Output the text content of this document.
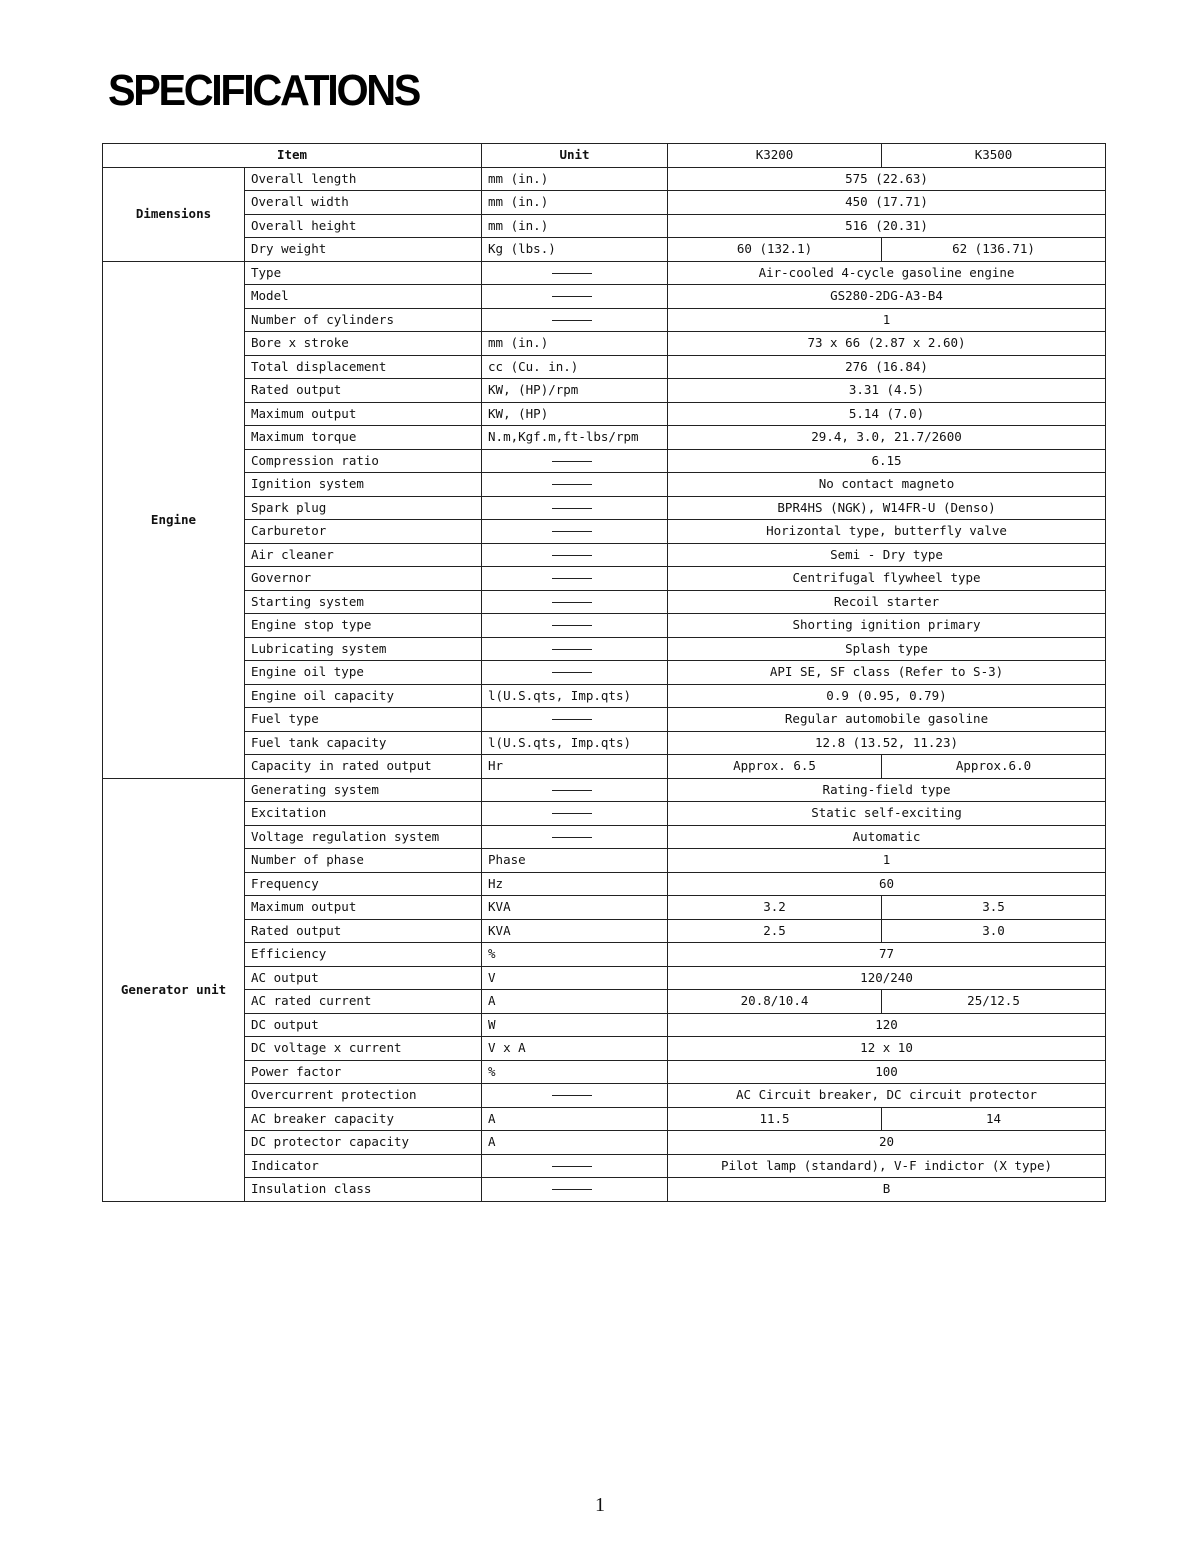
SPECIFICATIONS
Item		Unit	K3200	K3500
Dimensions	Overall length	mm (in.)	575 (22.63)	
	Overall width	mm (in.)	450 (17.71)	
	Overall height	mm (in.)	516 (20.31)	
	Dry weight	Kg (lbs.)	60 (132.1)	62 (136.71)
Engine	Type		Air-cooled 4-cycle gasoline engine	
	Model		GS280-2DG-A3-B4	
	Number of cylinders		1	
	Bore x stroke	mm (in.)	73 x 66 (2.87 x 2.60)	
	Total displacement	cc (Cu. in.)	276 (16.84)	
	Rated output	KW, (HP)/rpm	3.31 (4.5)	
	Maximum output	KW, (HP)	5.14 (7.0)	
	Maximum torque	N.m,Kgf.m,ft-lbs/rpm	29.4, 3.0, 21.7/2600	
	Compression ratio		6.15	
	Ignition system		No contact magneto	
	Spark plug		BPR4HS (NGK), W14FR-U (Denso)	
	Carburetor		Horizontal type, butterfly valve	
	Air cleaner		Semi - Dry type	
	Governor		Centrifugal flywheel type	
	Starting system		Recoil starter	
	Engine stop type		Shorting ignition primary	
	Lubricating system		Splash type	
	Engine oil type		API SE, SF class (Refer to S-3)	
	Engine oil capacity	l(U.S.qts, Imp.qts)	0.9 (0.95, 0.79)	
	Fuel type		Regular automobile gasoline	
	Fuel tank capacity	l(U.S.qts, Imp.qts)	12.8 (13.52, 11.23)	
	Capacity in rated output	Hr	Approx. 6.5	Approx.6.0
Generator unit	Generating system		Rating-field type	
	Excitation		Static self-exciting	
	Voltage regulation system		Automatic	
	Number of phase	Phase	1	
	Frequency	Hz	60	
	Maximum output	KVA	3.2	3.5
	Rated output	KVA	2.5	3.0
	Efficiency	%	77	
	AC output	V	120/240	
	AC rated current	A	20.8/10.4	25/12.5
	DC output	W	120	
	DC voltage x current	V x A	12 x 10	
	Power factor	%	100	
	Overcurrent protection		AC Circuit breaker, DC circuit protector	
	AC breaker capacity	A	11.5	14
	DC protector capacity	A	20	
	Indicator		Pilot lamp (standard), V-F indictor (X type)	
	Insulation class		B	

1
